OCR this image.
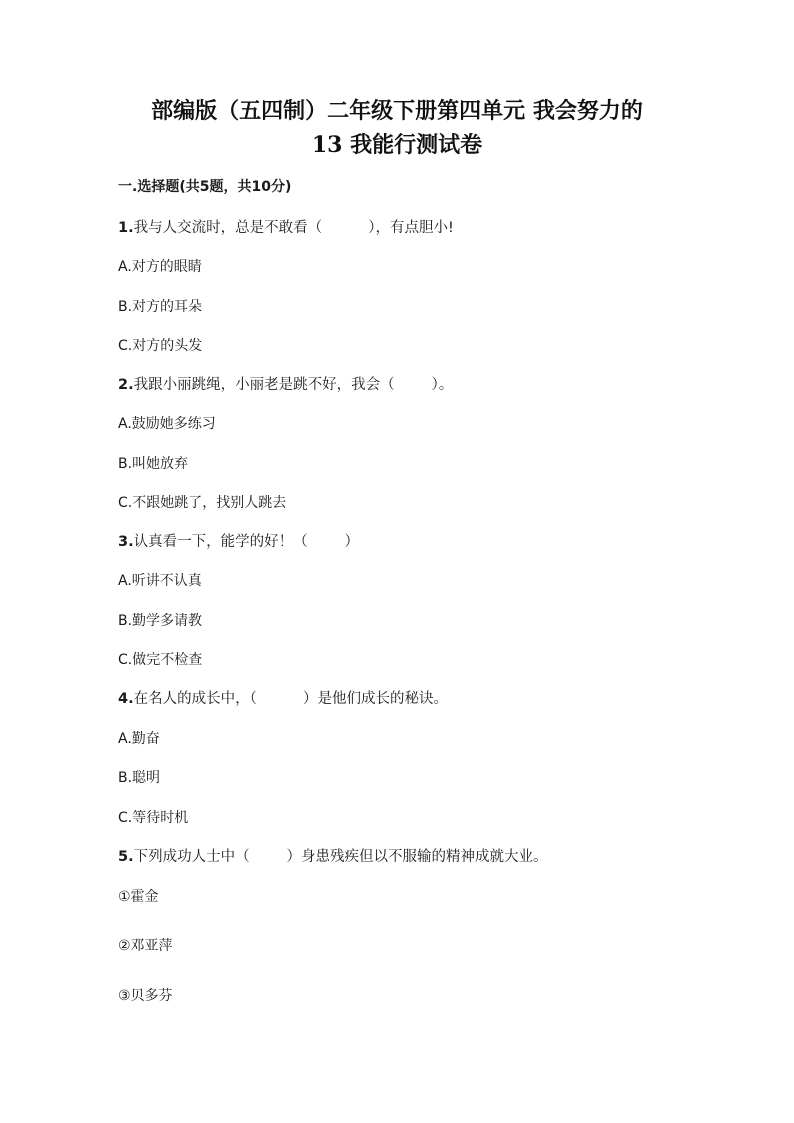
部编版（五四制）二年级下册第四单元 我会努力的
13 我能行测试卷
一.选择题(共5题，共10分)
1.我与人交流时，总是不敢看（          ），有点胆小!
A.对方的眼睛
B.对方的耳朵
C.对方的头发
2.我跟小丽跳绳，小丽老是跳不好，我会（        ）。
A.鼓励她多练习
B.叫她放弃
C.不跟她跳了，找别人跳去
3.认真看一下，能学的好！（        ）
A.听讲不认真
B.勤学多请教
C.做完不检查
4.在名人的成长中，（          ）是他们成长的秘诀。
A.勤奋
B.聪明
C.等待时机
5.下列成功人士中（        ）身患残疾但以不服输的精神成就大业。
①霍金
②邓亚萍
③贝多芬
